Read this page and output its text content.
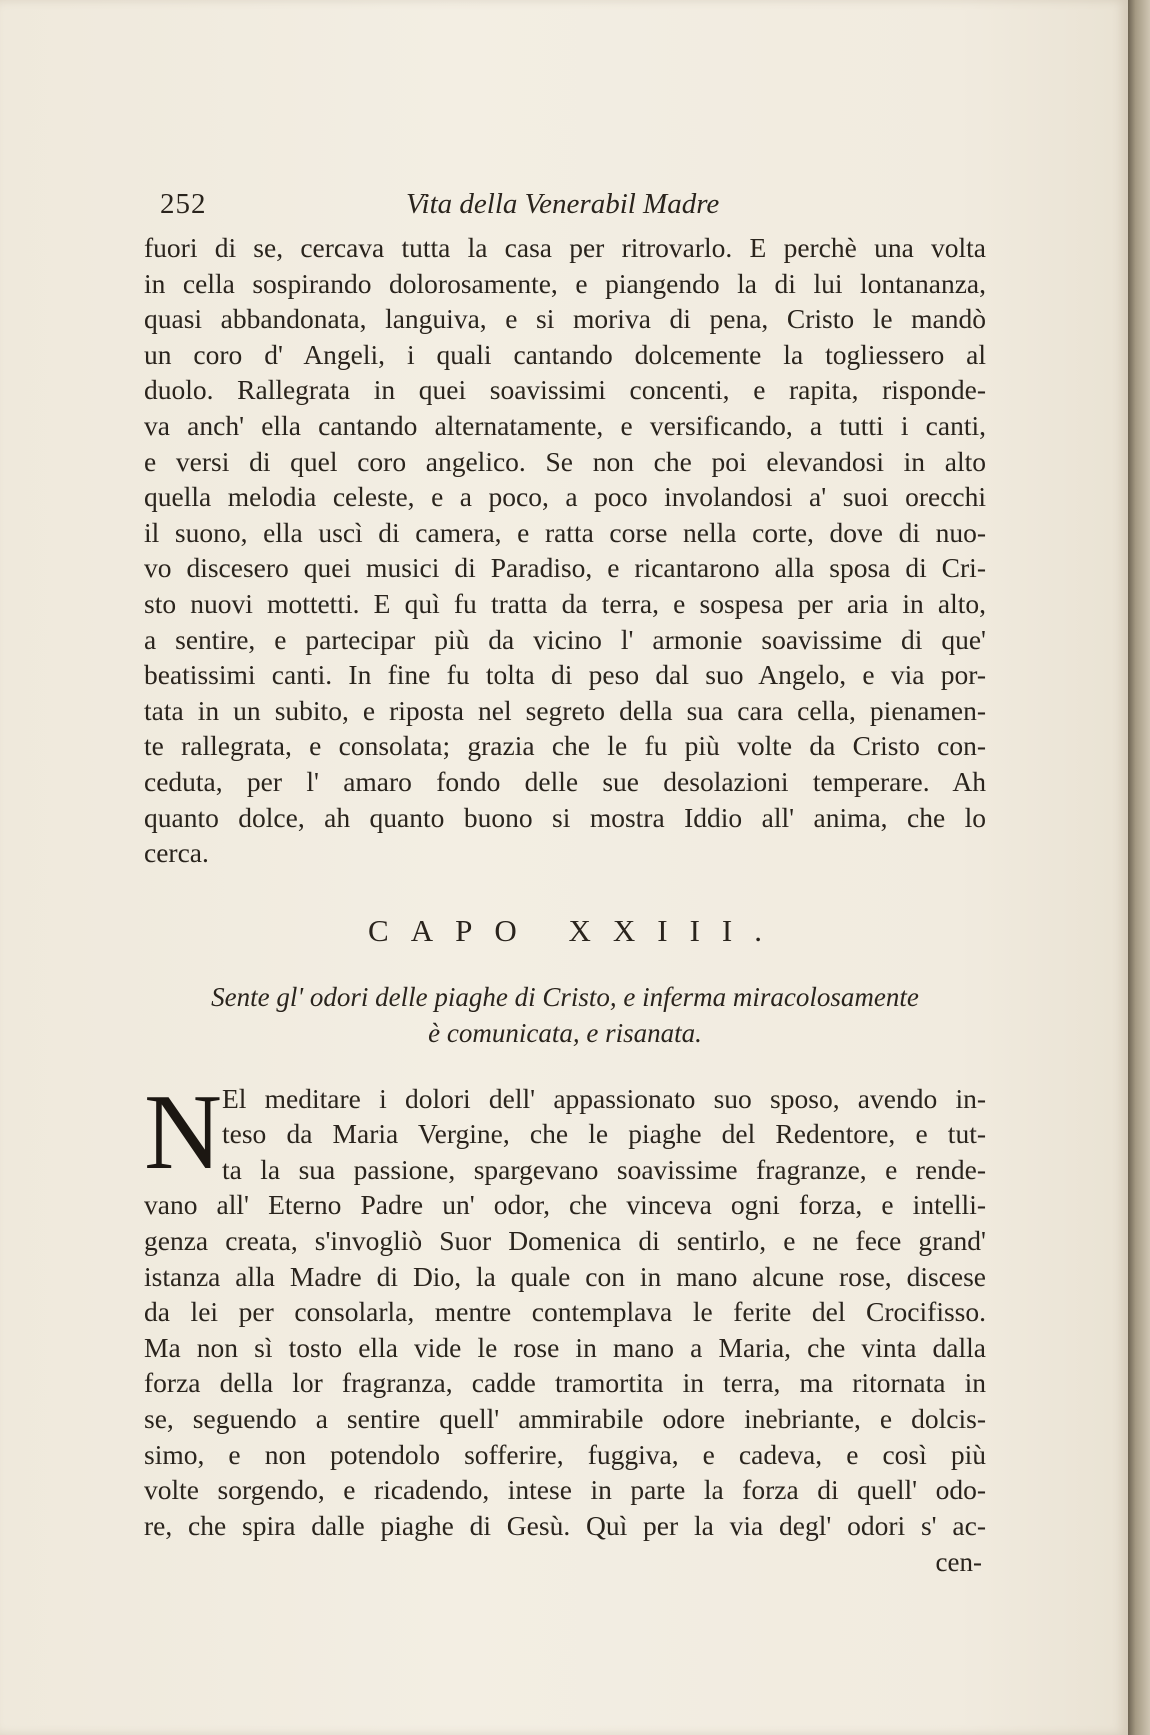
252	Vita della Venerabil Madre
fuori di se, cercava tutta la casa per ritrovarlo. E perchè una volta
in cella sospirando dolorosamente, e piangendo la di lui lontananza,
quasi abbandonata, languiva, e si moriva di pena, Cristo le mandò
un coro d' Angeli, i quali cantando dolcemente la togliessero al
duolo. Rallegrata in quei soavissimi concenti, e rapita, risponde-
va anch' ella cantando alternatamente, e versificando, a tutti i canti,
e versi di quel coro angelico. Se non che poi elevandosi in alto
quella melodia celeste, e a poco, a poco involandosi a' suoi orecchi
il suono, ella uscì di camera, e ratta corse nella corte, dove di nuo-
vo discesero quei musici di Paradiso, e ricantarono alla sposa di Cri-
sto nuovi mottetti. E quì fu tratta da terra, e sospesa per aria in alto,
a sentire, e partecipar più da vicino l' armonie soavissime di que'
beatissimi canti. In fine fu tolta di peso dal suo Angelo, e via por-
tata in un subito, e riposta nel segreto della sua cara cella, pienamen-
te rallegrata, e consolata; grazia che le fu più volte da Cristo con-
ceduta, per l' amaro fondo delle sue desolazioni temperare. Ah
quanto dolce, ah quanto buono si mostra Iddio all' anima, che lo
cerca.
CAPO XXIII.
Sente gl' odori delle piaghe di Cristo, e inferma miracolosamente
è comunicata, e risanata.
N El meditare i dolori dell' appassionato suo sposo, avendo in-
teso da Maria Vergine, che le piaghe del Redentore, e tut-
ta la sua passione, spargevano soavissime fragranze, e rende-
vano all' Eterno Padre un' odor, che vinceva ogni forza, e intelli-
genza creata, s'invogliò Suor Domenica di sentirlo, e ne fece grand'
istanza alla Madre di Dio, la quale con in mano alcune rose, discese
da lei per consolarla, mentre contemplava le ferite del Crocifisso.
Ma non sì tosto ella vide le rose in mano a Maria, che vinta dalla
forza della lor fragranza, cadde tramortita in terra, ma ritornata in
se, seguendo a sentire quell' ammirabile odore inebriante, e dolcis-
simo, e non potendolo sofferire, fuggiva, e cadeva, e così più
volte sorgendo, e ricadendo, intese in parte la forza di quell' odo-
re, che spira dalle piaghe di Gesù. Quì per la via degl' odori s' ac-
cen-
